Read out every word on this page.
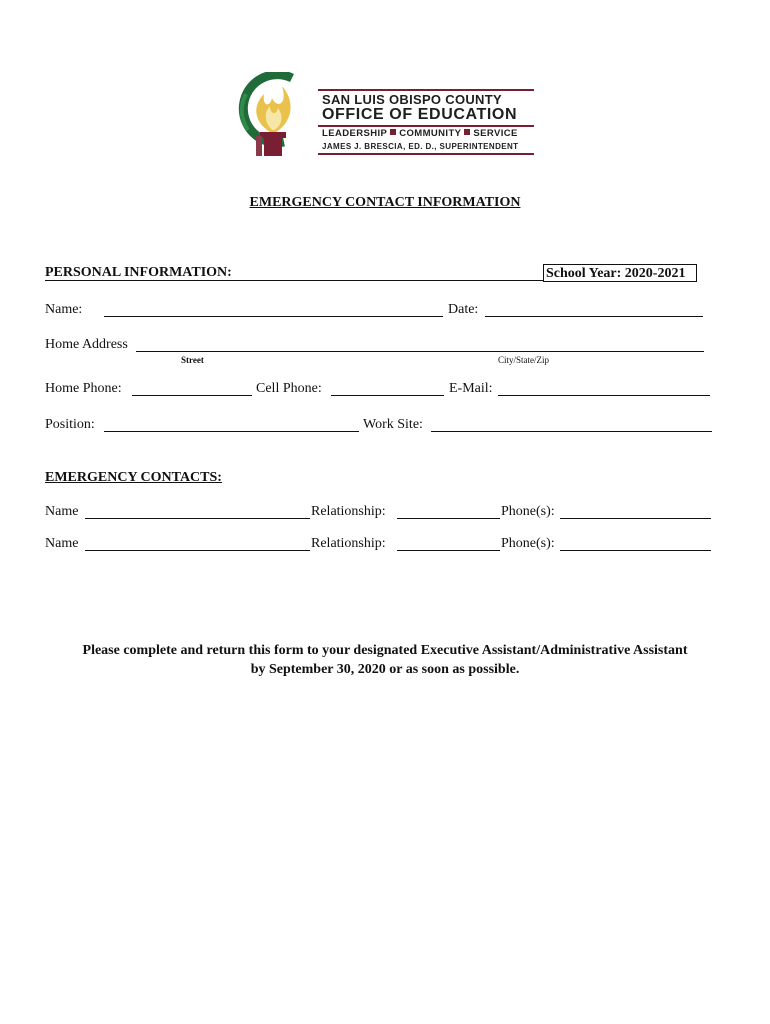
SAN LUIS OBISPO COUNTY
OFFICE OF EDUCATION
LEADERSHIP COMMUNITY SERVICE
JAMES J. BRESCIA, ED. D., SUPERINTENDENT
EMERGENCY CONTACT INFORMATION
PERSONAL INFORMATION:	School Year: 2020-2021
Name:	Date:
Home Address
Street	City/State/Zip
Home Phone:	Cell Phone:	E-Mail:
Position:	Work Site:
EMERGENCY CONTACTS:
Name	Relationship:	Phone(s):
Name	Relationship:	Phone(s):
Please complete and return this form to your designated Executive Assistant/Administrative Assistant
by September 30, 2020 or as soon as possible.
